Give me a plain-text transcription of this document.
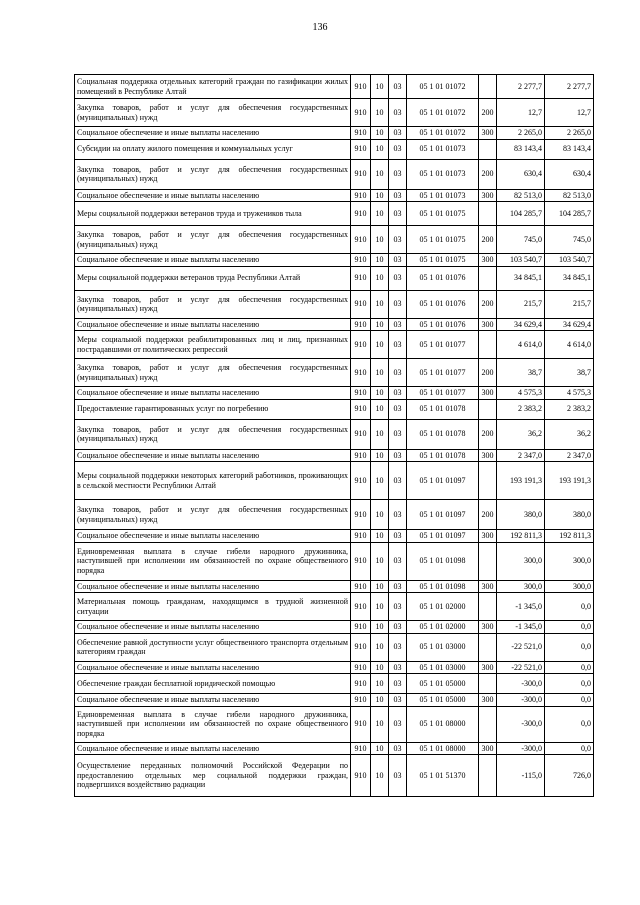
136
Социальная поддержка отдельных категорий граждан по газификации жилых помещений в Республике Алтай	910	10	03	05 1 01 01072		2 277,7	2 277,7
Закупка товаров, работ и услуг для обеспечения государственных (муниципальных) нужд	910	10	03	05 1 01 01072	200	12,7	12,7
Социальное обеспечение и иные выплаты населению	910	10	03	05 1 01 01072	300	2 265,0	2 265,0
Субсидии на оплату жилого помещения и коммунальных услуг	910	10	03	05 1 01 01073		83 143,4	83 143,4
Закупка товаров, работ и услуг для обеспечения государственных (муниципальных) нужд	910	10	03	05 1 01 01073	200	630,4	630,4
Социальное обеспечение и иные выплаты населению	910	10	03	05 1 01 01073	300	82 513,0	82 513,0
Меры социальной поддержки ветеранов труда и тружеников тыла	910	10	03	05 1 01 01075		104 285,7	104 285,7
Закупка товаров, работ и услуг для обеспечения государственных (муниципальных) нужд	910	10	03	05 1 01 01075	200	745,0	745,0
Социальное обеспечение и иные выплаты населению	910	10	03	05 1 01 01075	300	103 540,7	103 540,7
Меры социальной поддержки ветеранов труда Республики Алтай	910	10	03	05 1 01 01076		34 845,1	34 845,1
Закупка товаров, работ и услуг для обеспечения государственных (муниципальных) нужд	910	10	03	05 1 01 01076	200	215,7	215,7
Социальное обеспечение и иные выплаты населению	910	10	03	05 1 01 01076	300	34 629,4	34 629,4
Меры социальной поддержки реабилитированных лиц и лиц, признанных пострадавшими от политических репрессий	910	10	03	05 1 01 01077		4 614,0	4 614,0
Закупка товаров, работ и услуг для обеспечения государственных (муниципальных) нужд	910	10	03	05 1 01 01077	200	38,7	38,7
Социальное обеспечение и иные выплаты населению	910	10	03	05 1 01 01077	300	4 575,3	4 575,3
Предоставление гарантированных услуг по погребению	910	10	03	05 1 01 01078		2 383,2	2 383,2
Закупка товаров, работ и услуг для обеспечения государственных (муниципальных) нужд	910	10	03	05 1 01 01078	200	36,2	36,2
Социальное обеспечение и иные выплаты населению	910	10	03	05 1 01 01078	300	2 347,0	2 347,0
Меры социальной поддержки некоторых категорий работников, проживающих в сельской местности Республики Алтай	910	10	03	05 1 01 01097		193 191,3	193 191,3
Закупка товаров, работ и услуг для обеспечения государственных (муниципальных) нужд	910	10	03	05 1 01 01097	200	380,0	380,0
Социальное обеспечение и иные выплаты населению	910	10	03	05 1 01 01097	300	192 811,3	192 811,3
Единовременная выплата в случае гибели народного дружинника, наступившей при исполнении им обязанностей по охране общественного порядка	910	10	03	05 1 01 01098		300,0	300,0
Социальное обеспечение и иные выплаты населению	910	10	03	05 1 01 01098	300	300,0	300,0
Материальная помощь гражданам, находящимся в трудной жизненной ситуации	910	10	03	05 1 01 02000		-1 345,0	0,0
Социальное обеспечение и иные выплаты населению	910	10	03	05 1 01 02000	300	-1 345,0	0,0
Обеспечение равной доступности услуг общественного транспорта отдельным категориям граждан	910	10	03	05 1 01 03000		-22 521,0	0,0
Социальное обеспечение и иные выплаты населению	910	10	03	05 1 01 03000	300	-22 521,0	0,0
Обеспечение граждан бесплатной юридической помощью	910	10	03	05 1 01 05000		-300,0	0,0
Социальное обеспечение и иные выплаты населению	910	10	03	05 1 01 05000	300	-300,0	0,0
Единовременная выплата в случае гибели народного дружинника, наступившей при исполнении им обязанностей по охране общественного порядка	910	10	03	05 1 01 08000		-300,0	0,0
Социальное обеспечение и иные выплаты населению	910	10	03	05 1 01 08000	300	-300,0	0,0
Осуществление переданных полномочий Российской Федерации по предоставлению отдельных мер социальной поддержки граждан, подвергшихся воздействию радиации	910	10	03	05 1 01 51370		-115,0	726,0
